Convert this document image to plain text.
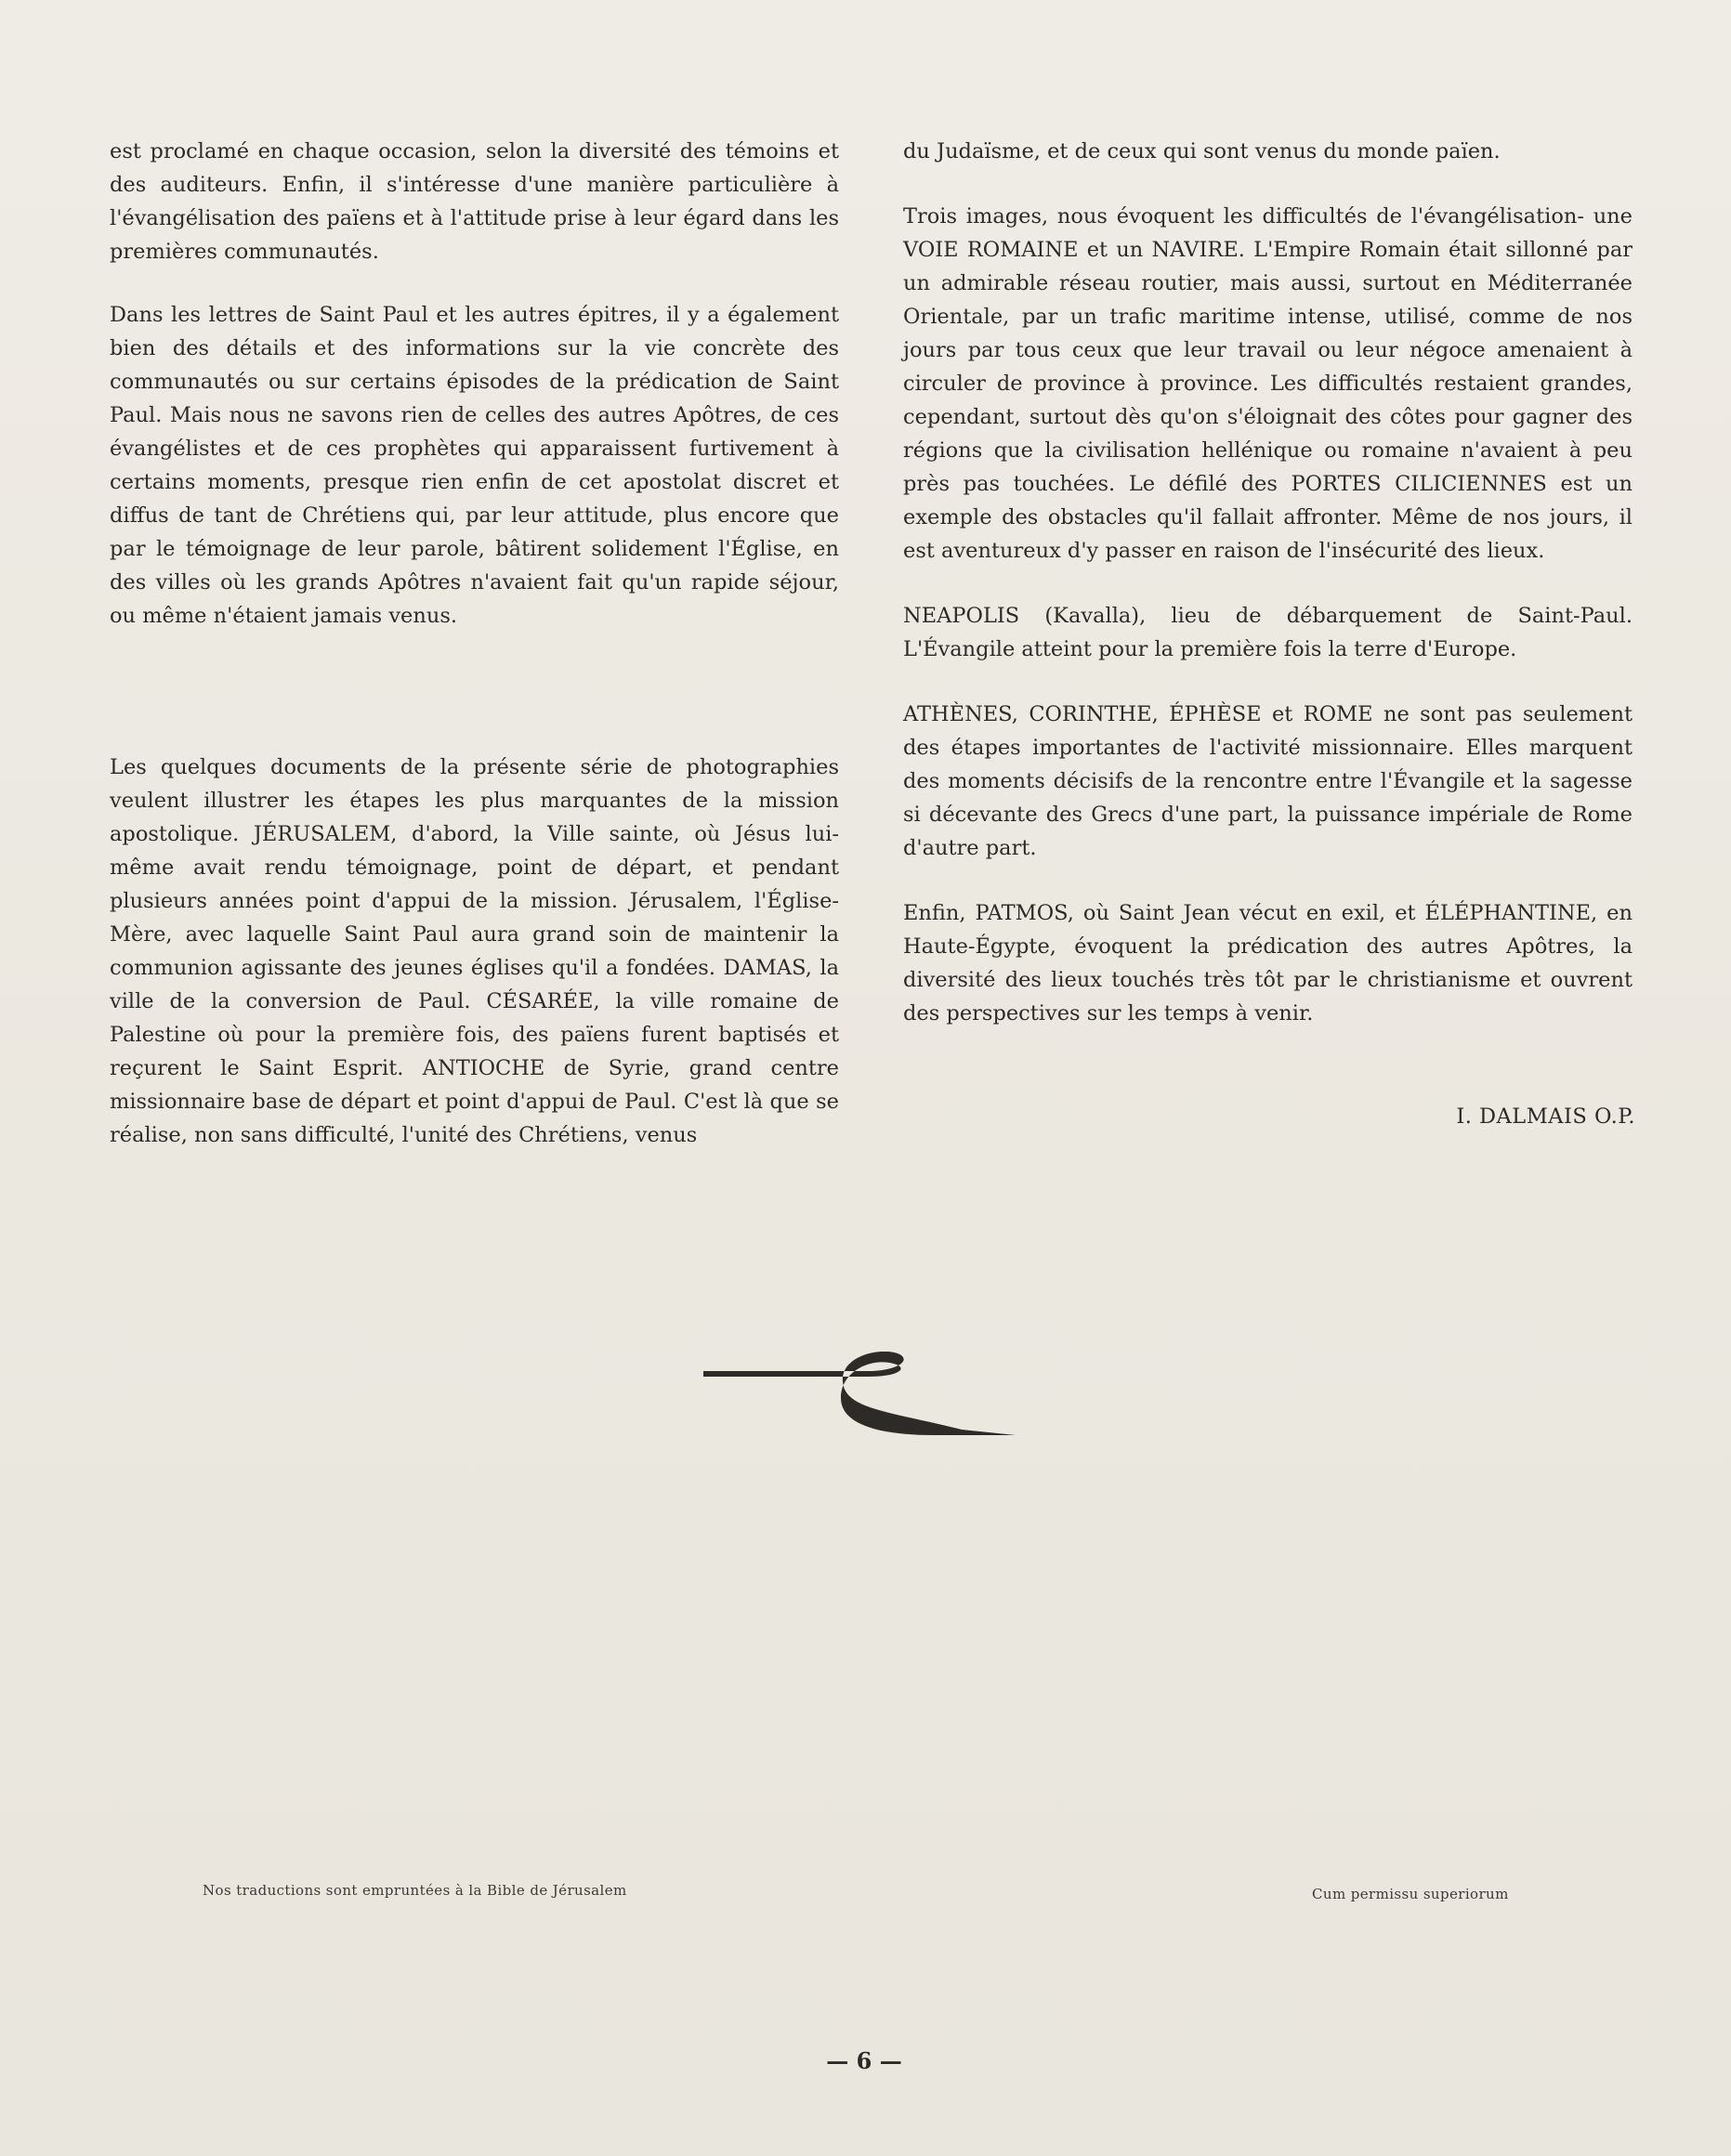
est proclamé en chaque occasion, selon la diversité des témoins et des auditeurs. Enfin, il s'intéresse d'une manière particulière à l'évangélisation des païens et à l'attitude prise à leur égard dans les premières communautés.

Dans les lettres de Saint Paul et les autres épitres, il y a également bien des détails et des informations sur la vie concrète des communautés ou sur certains épisodes de la prédication de Saint Paul. Mais nous ne savons rien de celles des autres Apôtres, de ces évangélistes et de ces prophètes qui apparaissent furtivement à certains moments, presque rien enfin de cet apostolat discret et diffus de tant de Chrétiens qui, par leur attitude, plus encore que par le témoignage de leur parole, bâtirent solidement l'Église, en des villes où les grands Apôtres n'avaient fait qu'un rapide séjour, ou même n'étaient jamais venus.

Les quelques documents de la présente série de photographies veulent illustrer les étapes les plus marquantes de la mission apostolique. JÉRUSALEM, d'abord, la Ville sainte, où Jésus lui-même avait rendu témoignage, point de départ, et pendant plusieurs années point d'appui de la mission. Jérusalem, l'Église-Mère, avec laquelle Saint Paul aura grand soin de maintenir la communion agissante des jeunes églises qu'il a fondées. DAMAS, la ville de la conversion de Paul. CÉSARÉE, la ville romaine de Palestine où pour la première fois, des païens furent baptisés et reçurent le Saint Esprit. ANTIOCHE de Syrie, grand centre missionnaire base de départ et point d'appui de Paul. C'est là que se réalise, non sans difficulté, l'unité des Chrétiens, venus

du Judaïsme, et de ceux qui sont venus du monde païen.

Trois images, nous évoquent les difficultés de l'évangélisation- une VOIE ROMAINE et un NAVIRE. L'Empire Romain était sillonné par un admirable réseau routier, mais aussi, surtout en Méditerranée Orientale, par un trafic maritime intense, utilisé, comme de nos jours par tous ceux que leur travail ou leur négoce amenaient à circuler de province à province. Les difficultés restaient grandes, cependant, surtout dès qu'on s'éloignait des côtes pour gagner des régions que la civilisation hellénique ou romaine n'avaient à peu près pas touchées. Le défilé des PORTES CILICIENNES est un exemple des obstacles qu'il fallait affronter. Même de nos jours, il est aventureux d'y passer en raison de l'insécurité des lieux.

NEAPOLIS (Kavalla), lieu de débarquement de Saint-Paul. L'Évangile atteint pour la première fois la terre d'Europe.

ATHÈNES, CORINTHE, ÉPHÈSE et ROME ne sont pas seulement des étapes importantes de l'activité missionnaire. Elles marquent des moments décisifs de la rencontre entre l'Évangile et la sagesse si décevante des Grecs d'une part, la puissance impériale de Rome d'autre part.

Enfin, PATMOS, où Saint Jean vécut en exil, et ÉLÉPHANTINE, en Haute-Égypte, évoquent la prédication des autres Apôtres, la diversité des lieux touchés très tôt par le christianisme et ouvrent des perspectives sur les temps à venir.

I. DALMAIS O.P.
Nos traductions sont empruntées à la Bible de Jérusalem	Cum permissu superiorum
— 6 —
